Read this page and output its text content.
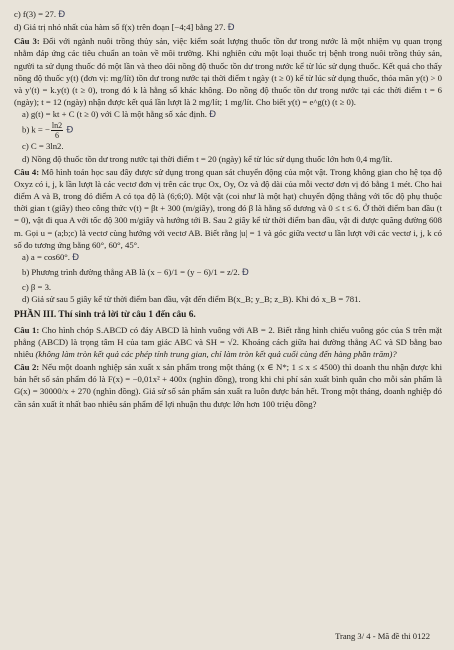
c) f(3) = 27. Đ

d) Giá trị nhỏ nhất của hàm số f(x) trên đoạn [−4;4] bằng 27. Đ

Câu 3: Đối với ngành nuôi trồng thủy sản, việc kiểm soát lượng thuốc tồn dư trong nước là một nhiệm vụ quan trọng nhằm đáp ứng các tiêu chuẩn an toàn về môi trường. Khi nghiên cứu một loại thuốc trị bệnh trong nuôi trồng thủy sản, người ta sử dụng thuốc đó một lần và theo dõi nồng độ thuốc tồn dư trong nước kể từ lúc sử dụng thuốc. Kết quả cho thấy nồng độ thuốc y(t) (đơn vị: mg/lít) tồn dư trong nước tại thời điểm t ngày (t ≥ 0) kể từ lúc sử dụng thuốc, thỏa mãn y(t) > 0 và y′(t) = k.y(t) (t ≥ 0), trong đó k là hằng số khác không. Đo nồng độ thuốc tồn dư trong nước tại các thời điểm t = 6 (ngày); t = 12 (ngày) nhận được kết quả lần lượt là 2 mg/lít; 1 mg/lít. Cho biết y(t) = e^g(t) (t ≥ 0).

a) g(t) = kt + C (t ≥ 0) với C là một hằng số xác định. Đ

b) k = − $\frac{\ln 2}{6}$ Đ

c) C = 3ln2.

d) Nồng độ thuốc tồn dư trong nước tại thời điểm t = 20 (ngày) kể từ lúc sử dụng thuốc lớn hơn 0,4 mg/lít.

Câu 4: Mô hình toán học sau đây được sử dụng trong quan sát chuyển động của một vật. Trong không gian cho hệ tọa độ Oxyz có i, j, k lần lượt là các vectơ đơn vị trên các trục Ox, Oy, Oz và độ dài của mỗi vectơ đơn vị đó bằng 1 mét. Cho hai điểm A và B, trong đó điểm A có tọa độ là (6;6;0). Một vật (coi như là một hạt) chuyển động thẳng với tốc độ phụ thuộc thời gian t (giây) theo công thức v(t) = βt + 300 (m/giây), trong đó β là hằng số dương và 0 ≤ t ≤ 6. Ở thời điểm ban đầu (t = 0), vật đi qua A với tốc độ 300 m/giây và hướng tới B. Sau 2 giây kể từ thời điểm ban đầu, vật đi được quãng đường 608 m. Gọi u = (a;b;c) là vectơ cùng hướng với vectơ AB. Biết rằng |u| = 1 và góc giữa vectơ u lần lượt với các vectơ i, j, k có số đo tương ứng bằng 60°, 60°, 45°.

a) a = cos60°. Đ

b) Phương trình đường thẳng AB là (x − 6)/1 = (y − 6)/1 = z/2. Đ

c) β = 3.

d) Giả sử sau 5 giây kể từ thời điểm ban đầu, vật đến điểm B(x_B; y_B; z_B). Khi đó x_B = 781.

PHẦN III. Thí sinh trả lời từ câu 1 đến câu 6.

Câu 1: Cho hình chóp S.ABCD có đáy ABCD là hình vuông với AB = 2. Biết rằng hình chiếu vuông góc của S trên mặt phẳng (ABCD) là trọng tâm H của tam giác ABC và SH = √2. Khoảng cách giữa hai đường thẳng AC và SD bằng bao nhiêu (không làm tròn kết quả các phép tính trung gian, chỉ làm tròn kết quả cuối cùng đến hàng phần trăm)?

Câu 2: Nếu một doanh nghiệp sản xuất x sản phẩm trong một tháng (x ∈ N*; 1 ≤ x ≤ 4500) thì doanh thu nhận được khi bán hết số sản phẩm đó là F(x) = −0,01x² + 400x (nghìn đồng), trong khi chi phí sản xuất bình quân cho mỗi sản phẩm là G(x) = 30000/x + 270 (nghìn đồng). Giả sử số sản phẩm sản xuất ra luôn được bán hết. Trong một tháng, doanh nghiệp đó cần sản xuất ít nhất bao nhiêu sản phẩm để lợi nhuận thu được lớn hơn 100 triệu đồng?

Trang 3/ 4 - Mã đề thi 0122
